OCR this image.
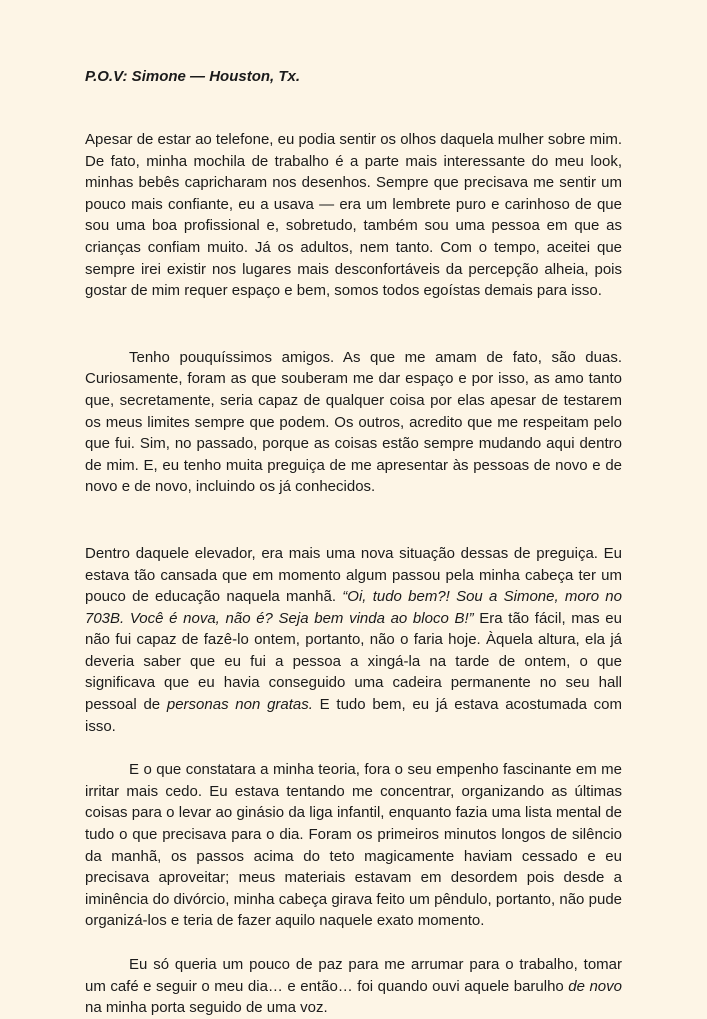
P.O.V: Simone — Houston, Tx.

Apesar de estar ao telefone, eu podia sentir os olhos daquela mulher sobre mim. De fato, minha mochila de trabalho é a parte mais interessante do meu look, minhas bebês capricharam nos desenhos. Sempre que precisava me sentir um pouco mais confiante, eu a usava — era um lembrete puro e carinhoso de que sou uma boa profissional e, sobretudo, também sou uma pessoa em que as crianças confiam muito. Já os adultos, nem tanto. Com o tempo, aceitei que sempre irei existir nos lugares mais desconfortáveis da percepção alheia, pois gostar de mim requer espaço e bem, somos todos egoístas demais para isso.

Tenho pouquíssimos amigos. As que me amam de fato, são duas. Curiosamente, foram as que souberam me dar espaço e por isso, as amo tanto que, secretamente, seria capaz de qualquer coisa por elas apesar de testarem os meus limites sempre que podem. Os outros, acredito que me respeitam pelo que fui. Sim, no passado, porque as coisas estão sempre mudando aqui dentro de mim. E, eu tenho muita preguiça de me apresentar às pessoas de novo e de novo e de novo, incluindo os já conhecidos.

Dentro daquele elevador, era mais uma nova situação dessas de preguiça. Eu estava tão cansada que em momento algum passou pela minha cabeça ter um pouco de educação naquela manhã. “Oi, tudo bem?! Sou a Simone, moro no 703B. Você é nova, não é? Seja bem vinda ao bloco B!” Era tão fácil, mas eu não fui capaz de fazê-lo ontem, portanto, não o faria hoje. Àquela altura, ela já deveria saber que eu fui a pessoa a xingá-la na tarde de ontem, o que significava que eu havia conseguido uma cadeira permanente no seu hall pessoal de personas non gratas. E tudo bem, eu já estava acostumada com isso.

E o que constatara a minha teoria, fora o seu empenho fascinante em me irritar mais cedo. Eu estava tentando me concentrar, organizando as últimas coisas para o levar ao ginásio da liga infantil, enquanto fazia uma lista mental de tudo o que precisava para o dia. Foram os primeiros minutos longos de silêncio da manhã, os passos acima do teto magicamente haviam cessado e eu precisava aproveitar; meus materiais estavam em desordem pois desde a iminência do divórcio, minha cabeça girava feito um pêndulo, portanto, não pude organizá-los e teria de fazer aquilo naquele exato momento.

Eu só queria um pouco de paz para me arrumar para o trabalho, tomar um café e seguir o meu dia… e então… foi quando ouvi aquele barulho de novo na minha porta seguido de uma voz.
